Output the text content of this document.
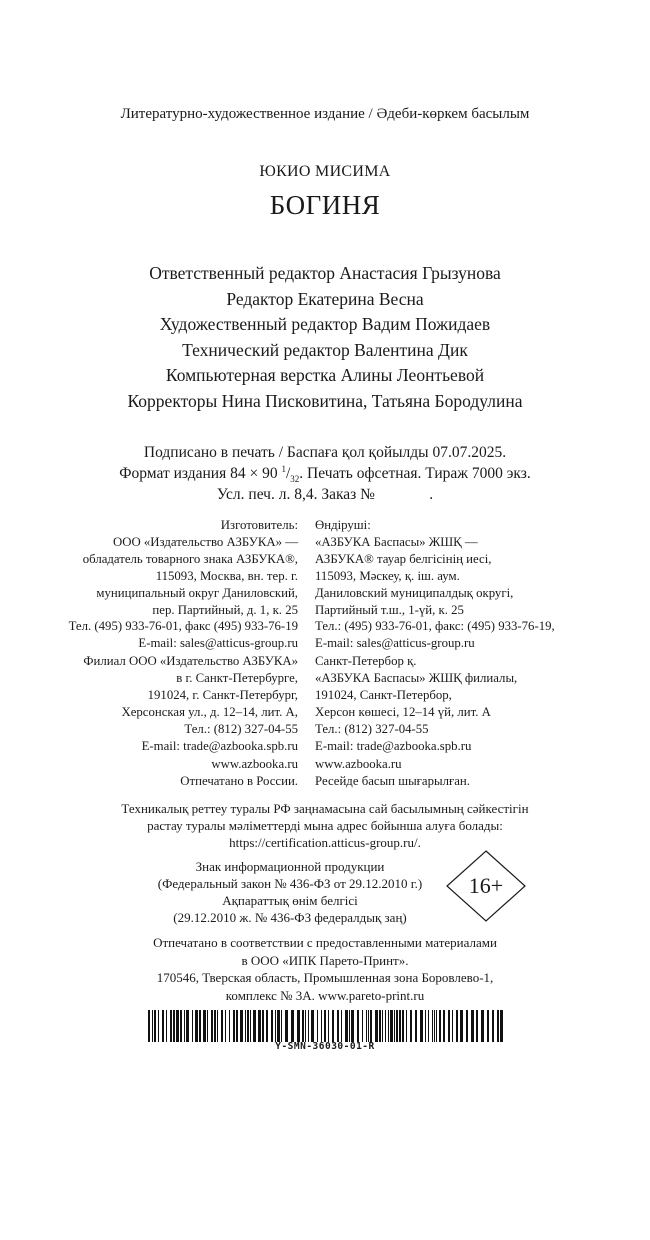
Литературно-художественное издание / Әдеби-көркем басылым
ЮКИО МИСИМА
БОГИНЯ
Ответственный редактор Анастасия Грызунова
Редактор Екатерина Весна
Художественный редактор Вадим Пожидаев
Технический редактор Валентина Дик
Компьютерная верстка Алины Леонтьевой
Корректоры Нина Писковитина, Татьяна Бородулина
Подписано в печать / Баспаға қол қойылды 07.07.2025.
Формат издания 84 × 90 $^1/_{32}$. Печать офсетная. Тираж 7000 экз.
Усл. печ. л. 8,4. Заказ №              .
Изготовитель:
ООО «Издательство АЗБУКА» —
обладатель товарного знака АЗБУКА®,
115093, Москва, вн. тер. г.
муниципальный округ Даниловский,
пер. Партийный, д. 1, к. 25
Тел. (495) 933-76-01, факс (495) 933-76-19
E-mail: sales@atticus-group.ru
Өндіруші:
«АЗБУКА Баспасы» ЖШҚ —
АЗБУКА® тауар белгісінің иесі,
115093, Мәскеу, қ. іш. аум.
Даниловский муниципалдық округі,
Партийный т.ш., 1-үй, к. 25
Тел.: (495) 933-76-01, факс: (495) 933-76-19,
E-mail: sales@atticus-group.ru
Филиал ООО «Издательство АЗБУКА»
в г. Санкт-Петербурге,
191024, г. Санкт-Петербург,
Херсонская ул., д. 12–14, лит. А,
Тел.: (812) 327-04-55
E-mail: trade@azbooka.spb.ru
Санкт-Петербор қ.
«АЗБУКА Баспасы» ЖШҚ филиалы,
191024, Санкт-Петербор,
Херсон көшесі, 12–14 үй, лит. А
Тел.: (812) 327-04-55
E-mail: trade@azbooka.spb.ru
www.azbooka.ru
Отпечатано в России.
www.azbooka.ru
Ресейде басып шығарылған.
Техникалық реттеу туралы РФ заңнамасына сай басылымның сәйкестігін
растау туралы мәліметтерді мына адрес бойынша алуға болады:
https://certification.atticus-group.ru/.
Знак информационной продукции
(Федеральный закон № 436-ФЗ от 29.12.2010 г.)
Ақпараттық өнім белгісі
(29.12.2010 ж. № 436-ФЗ федералдық заң)
16+
Отпечатано в соответствии с предоставленными материалами
в ООО «ИПК Парето-Принт».
170546, Тверская область, Промышленная зона Боровлево-1,
комплекс № 3А. www.pareto-print.ru
Y-SMN-36030-01-R
